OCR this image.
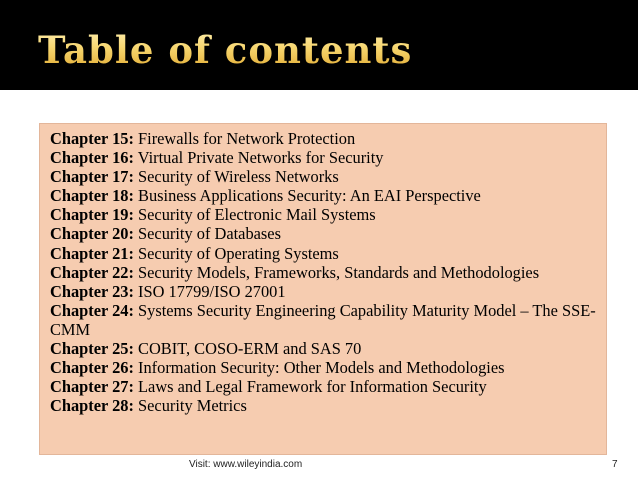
Table of contents
Chapter 15: Firewalls for Network Protection
Chapter 16: Virtual Private Networks for Security
Chapter 17: Security of Wireless Networks
Chapter 18: Business Applications Security: An EAI Perspective
Chapter 19: Security of Electronic Mail Systems
Chapter 20: Security of Databases
Chapter 21: Security of Operating Systems
Chapter 22: Security Models, Frameworks, Standards and Methodologies
Chapter 23: ISO 17799/ISO 27001
Chapter 24: Systems Security Engineering Capability Maturity Model – The SSE-CMM
Chapter 25: COBIT, COSO-ERM and SAS 70
Chapter 26: Information Security: Other Models and Methodologies
Chapter 27: Laws and Legal Framework for Information Security
Chapter 28: Security Metrics
Visit: www.wileyindia.com	7
